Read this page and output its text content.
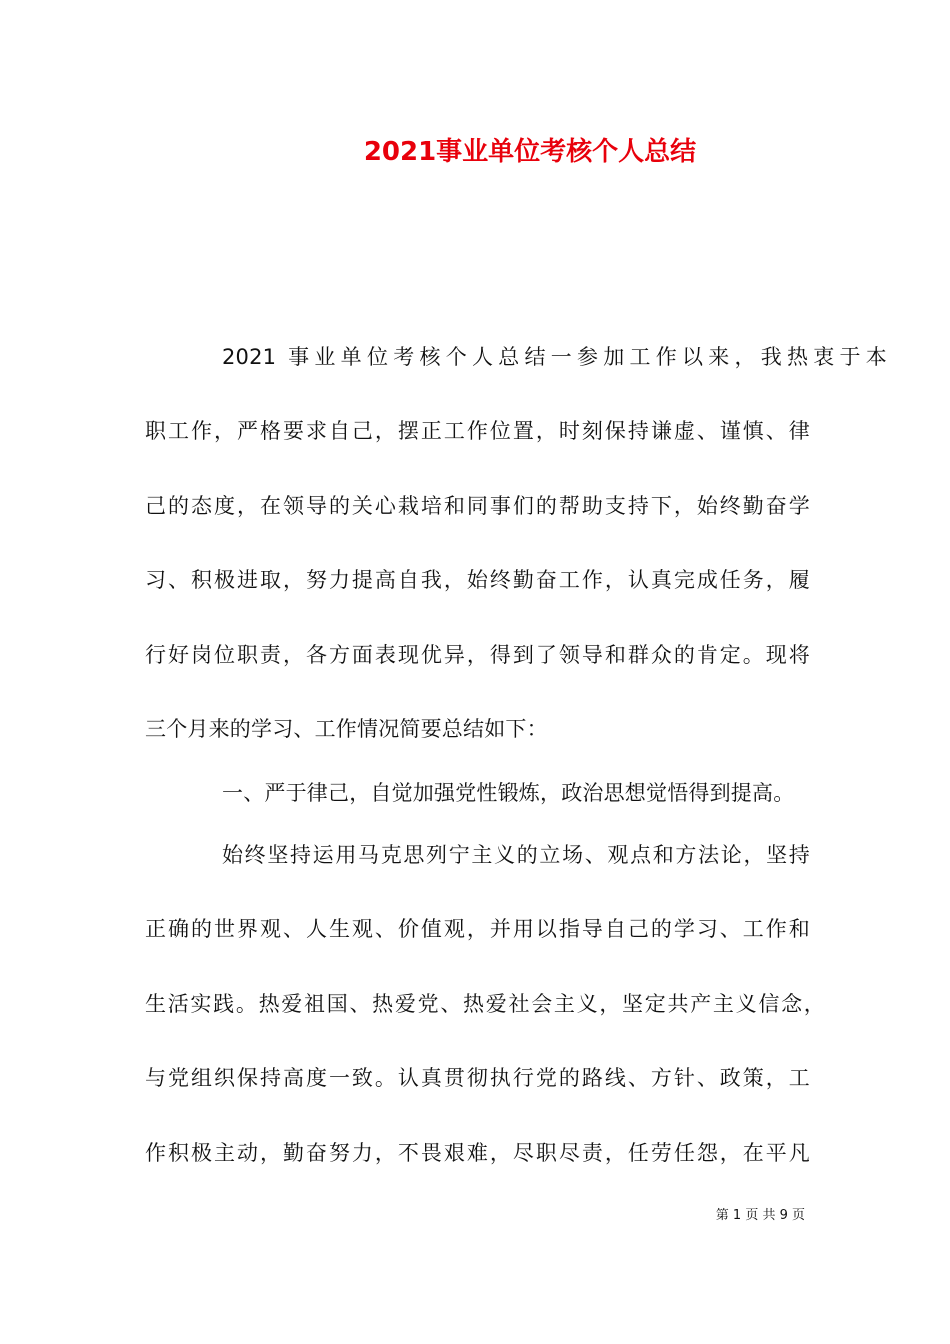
2021事业单位考核个人总结
2021 事业单位考核个人总结一参加工作以来，我热衷于本
职工作，严格要求自己，摆正工作位置，时刻保持谦虚、谨慎、律
己的态度，在领导的关心栽培和同事们的帮助支持下，始终勤奋学
习、积极进取，努力提高自我，始终勤奋工作，认真完成任务，履
行好岗位职责，各方面表现优异，得到了领导和群众的肯定。现将
三个月来的学习、工作情况简要总结如下：
一、严于律己，自觉加强党性锻炼，政治思想觉悟得到提高。
始终坚持运用马克思列宁主义的立场、观点和方法论，坚持
正确的世界观、人生观、价值观，并用以指导自己的学习、工作和
生活实践。热爱祖国、热爱党、热爱社会主义，坚定共产主义信念，
与党组织保持高度一致。认真贯彻执行党的路线、方针、政策，工
作积极主动，勤奋努力，不畏艰难，尽职尽责，任劳任怨，在平凡
第 1 页 共 9 页
